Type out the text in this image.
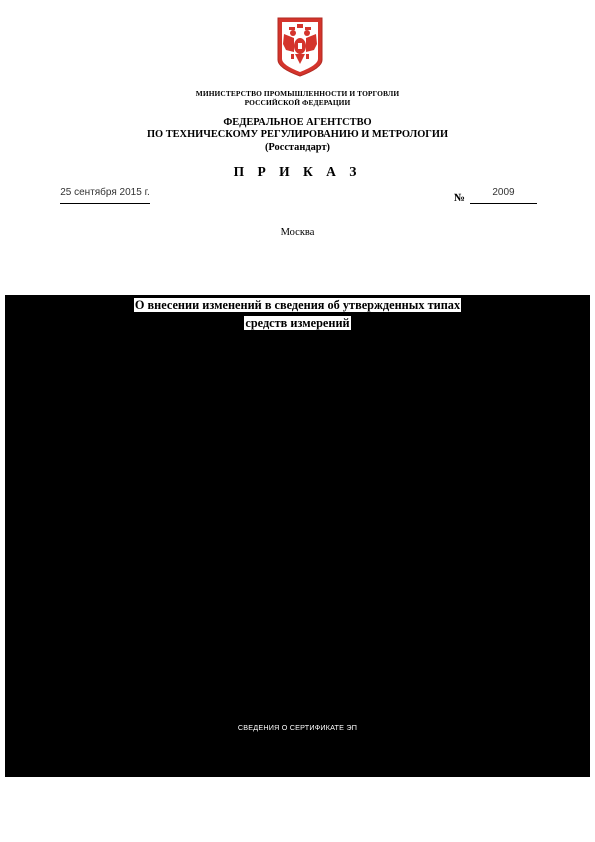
МИНИСТЕРСТВО ПРОМЫШЛЕННОСТИ И ТОРГОВЛИ
РОССИЙСКОЙ ФЕДЕРАЦИИ
ФЕДЕРАЛЬНОЕ АГЕНТСТВО
ПО ТЕХНИЧЕСКОМУ РЕГУЛИРОВАНИЮ И МЕТРОЛОГИИ
(Росстандарт)
П Р И К А З
25 сентября 2015 г.	№	2009
Москва
О внесении изменений в сведения об утвержденных типах
средств измерений
СВЕДЕНИЯ О СЕРТИФИКАТЕ ЭП
